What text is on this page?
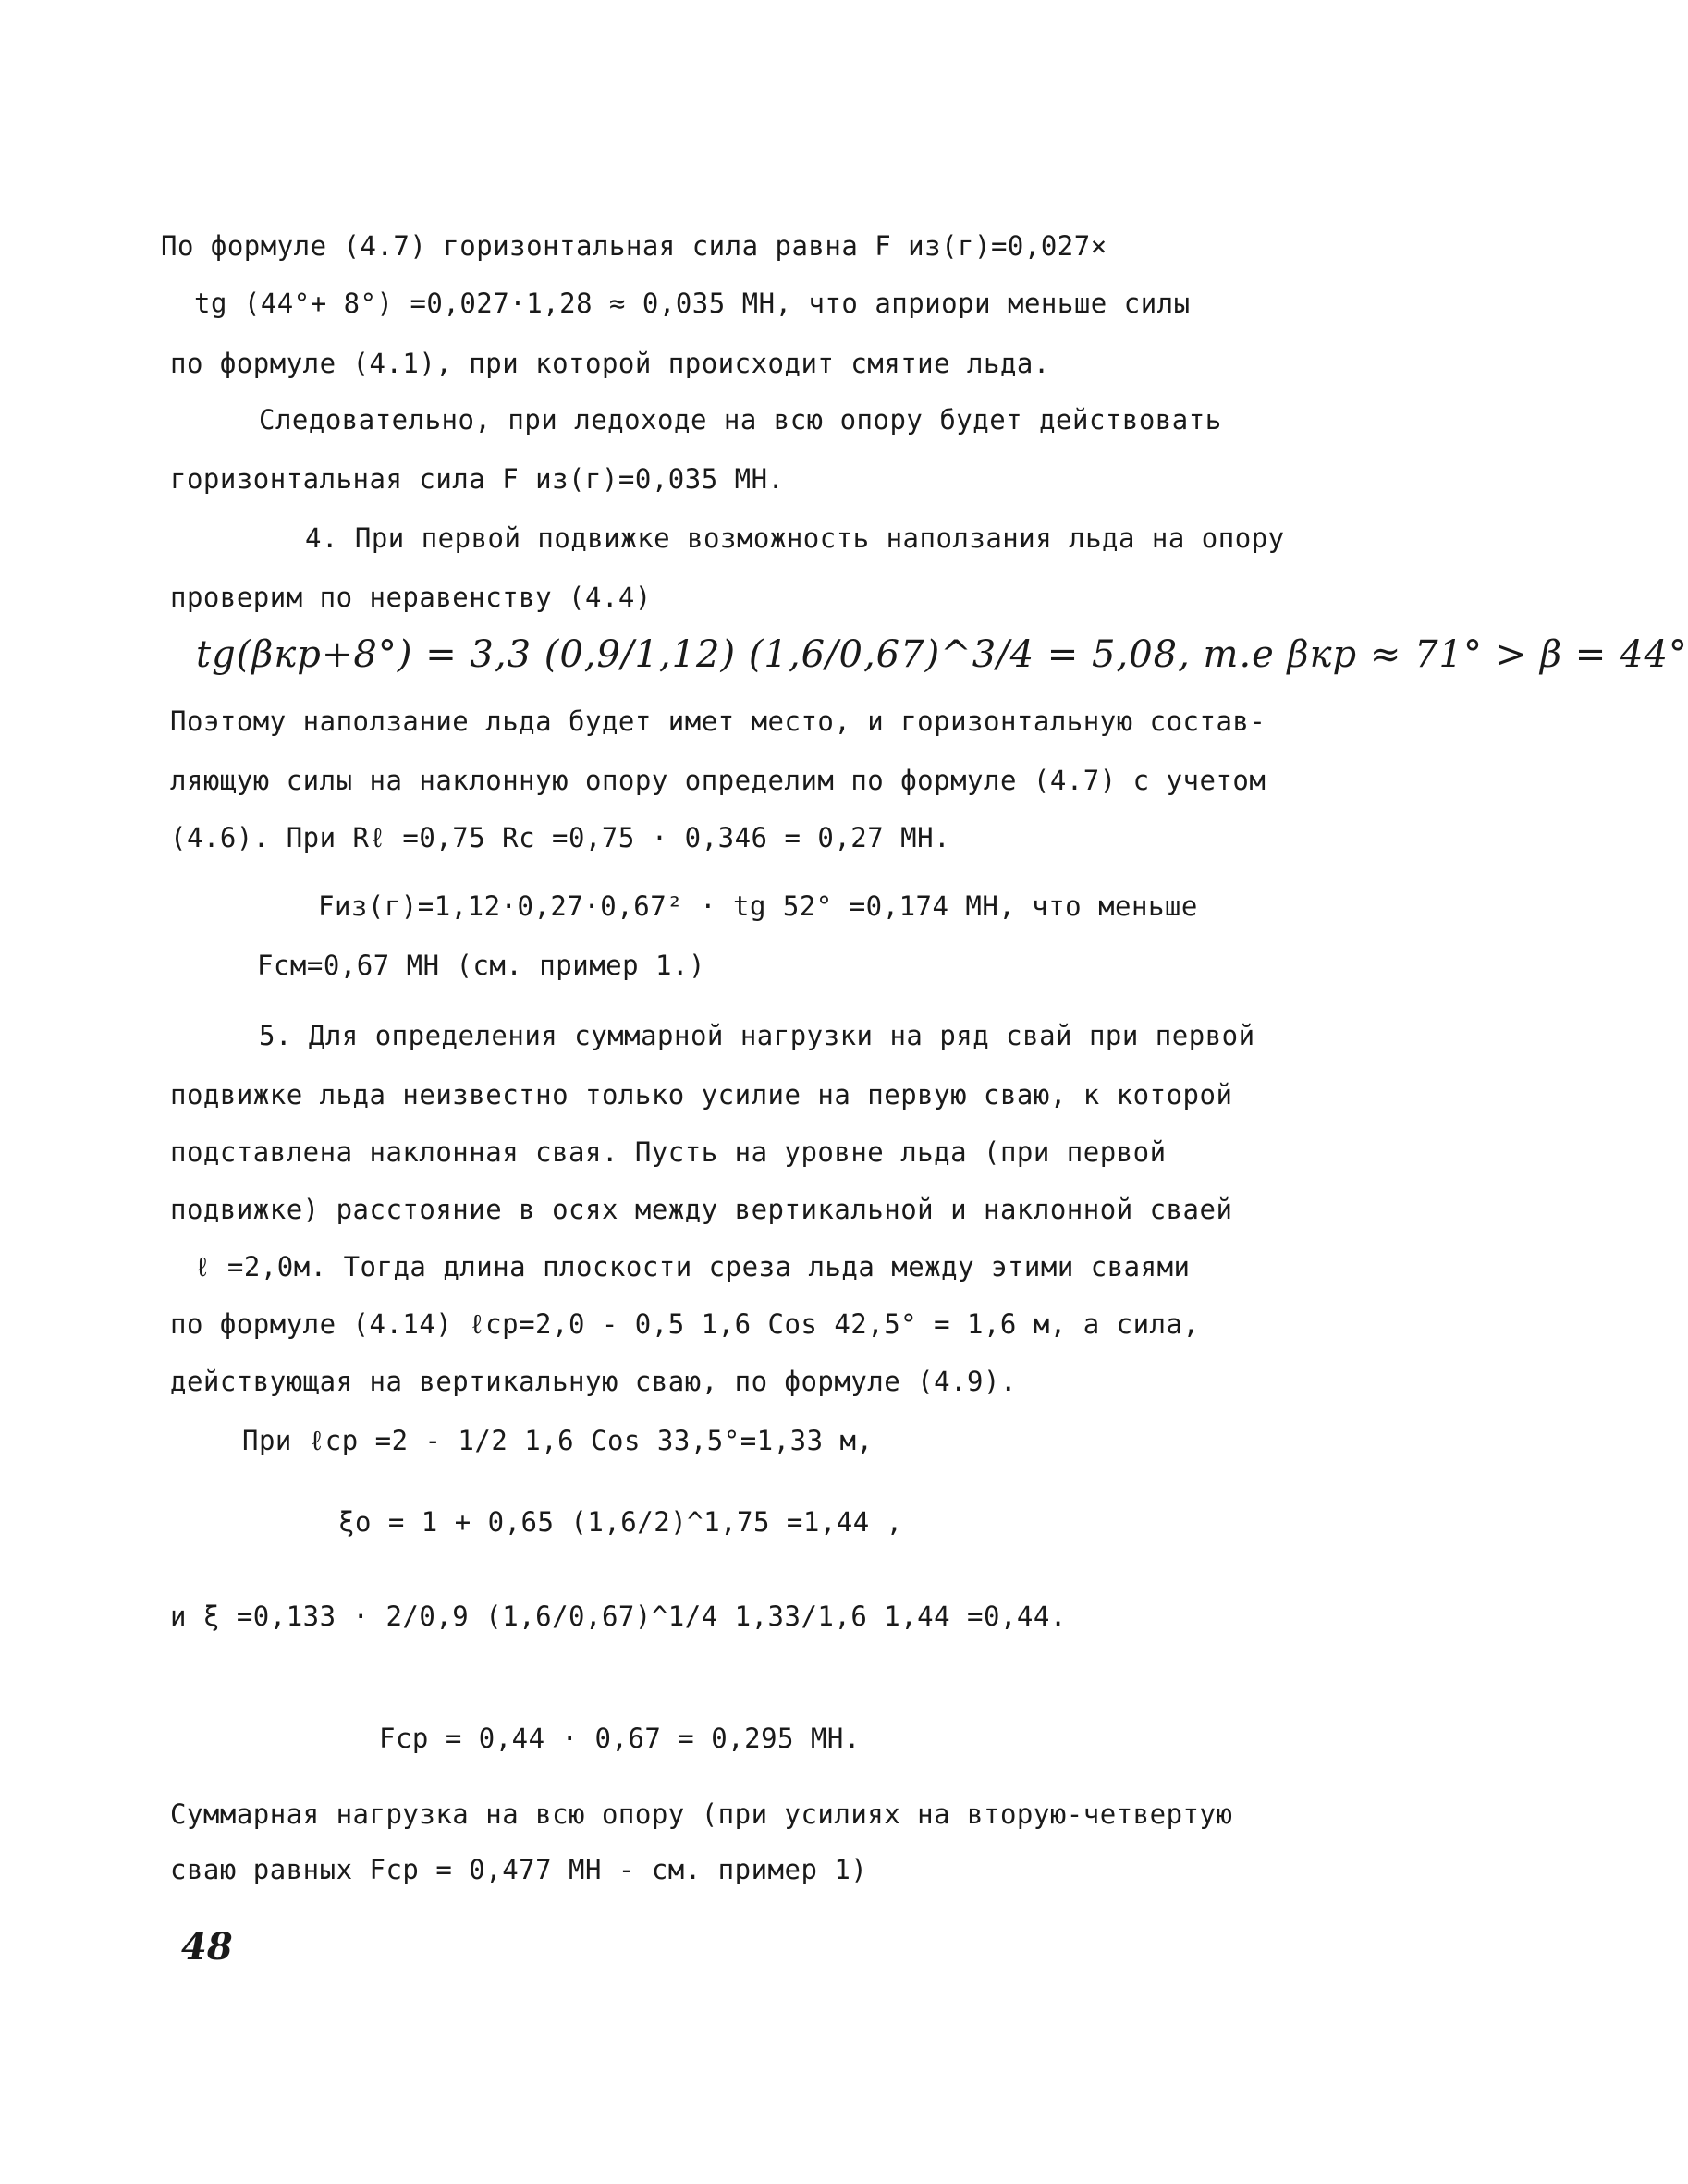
По формуле (4.7) горизонтальная сила равна F из(г)=0,027×
tg (44°+ 8°) =0,027·1,28 ≈ 0,035 МН, что априори меньше силы
по формуле (4.1), при которой происходит смятие льда.
Следовательно, при ледоходе на всю опору будет действовать
горизонтальная сила F из(г)=0,035 МН.
4. При первой подвижке возможность наползания льда на опору
проверим по неравенству (4.4)
tg(βкр+8°) = 3,3 (0,9/1,12) (1,6/0,67)^3/4 = 5,08, т.е βкр ≈ 71° > β = 44°
Поэтому наползание льда будет имет место, и горизонтальную состав-
ляющую силы на наклонную опору определим по формуле (4.7) с учетом
(4.6). При Rℓ =0,75 Rc =0,75 · 0,346 = 0,27 МН.
Fиз(г)=1,12·0,27·0,67² · tg 52° =0,174 МН, что меньше
Fсм=0,67 МН (см. пример 1.)
5. Для определения суммарной нагрузки на ряд свай при первой
подвижке льда неизвестно только усилие на первую сваю, к которой
подставлена наклонная свая. Пусть на уровне льда (при первой
подвижке) расстояние в осях между вертикальной и наклонной сваей
ℓ =2,0м. Тогда длина плоскости среза льда между этими сваями
по формуле (4.14) ℓср=2,0 - 0,5 1,6 Cos 42,5° = 1,6 м, а сила,
действующая на вертикальную сваю, по формуле (4.9).
При ℓср =2 - 1/2 1,6 Cos 33,5°=1,33 м,
ξo = 1 + 0,65 (1,6/2)^1,75 =1,44 ,
и ξ =0,133 · 2/0,9 (1,6/0,67)^1/4 1,33/1,6 1,44 =0,44.
Fср = 0,44 · 0,67 = 0,295 МН.
Суммарная нагрузка на всю опору (при усилиях на вторую-четвертую
сваю равных Fср = 0,477 МН - см. пример 1)
48
